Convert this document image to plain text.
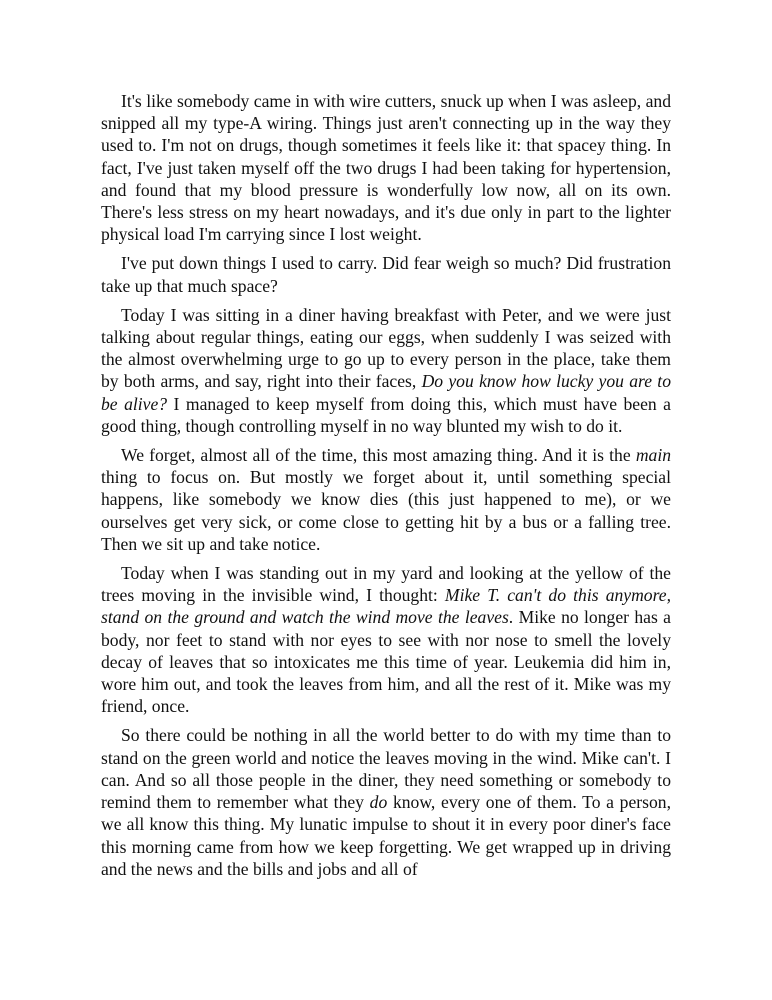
It's like somebody came in with wire cutters, snuck up when I was asleep, and snipped all my type-A wiring. Things just aren't connecting up in the way they used to. I'm not on drugs, though sometimes it feels like it: that spacey thing. In fact, I've just taken myself off the two drugs I had been taking for hypertension, and found that my blood pressure is wonderfully low now, all on its own. There's less stress on my heart nowadays, and it's due only in part to the lighter physical load I'm carrying since I lost weight.

I've put down things I used to carry. Did fear weigh so much? Did frustration take up that much space?

Today I was sitting in a diner having breakfast with Peter, and we were just talking about regular things, eating our eggs, when suddenly I was seized with the almost overwhelming urge to go up to every person in the place, take them by both arms, and say, right into their faces, Do you know how lucky you are to be alive? I managed to keep myself from doing this, which must have been a good thing, though controlling myself in no way blunted my wish to do it.

We forget, almost all of the time, this most amazing thing. And it is the main thing to focus on. But mostly we forget about it, until something special happens, like somebody we know dies (this just happened to me), or we ourselves get very sick, or come close to getting hit by a bus or a falling tree. Then we sit up and take notice.

Today when I was standing out in my yard and looking at the yellow of the trees moving in the invisible wind, I thought: Mike T. can't do this anymore, stand on the ground and watch the wind move the leaves. Mike no longer has a body, nor feet to stand with nor eyes to see with nor nose to smell the lovely decay of leaves that so intoxicates me this time of year. Leukemia did him in, wore him out, and took the leaves from him, and all the rest of it. Mike was my friend, once.

So there could be nothing in all the world better to do with my time than to stand on the green world and notice the leaves moving in the wind. Mike can't. I can. And so all those people in the diner, they need something or somebody to remind them to remember what they do know, every one of them. To a person, we all know this thing. My lunatic impulse to shout it in every poor diner's face this morning came from how we keep forgetting. We get wrapped up in driving and the news and the bills and jobs and all of
